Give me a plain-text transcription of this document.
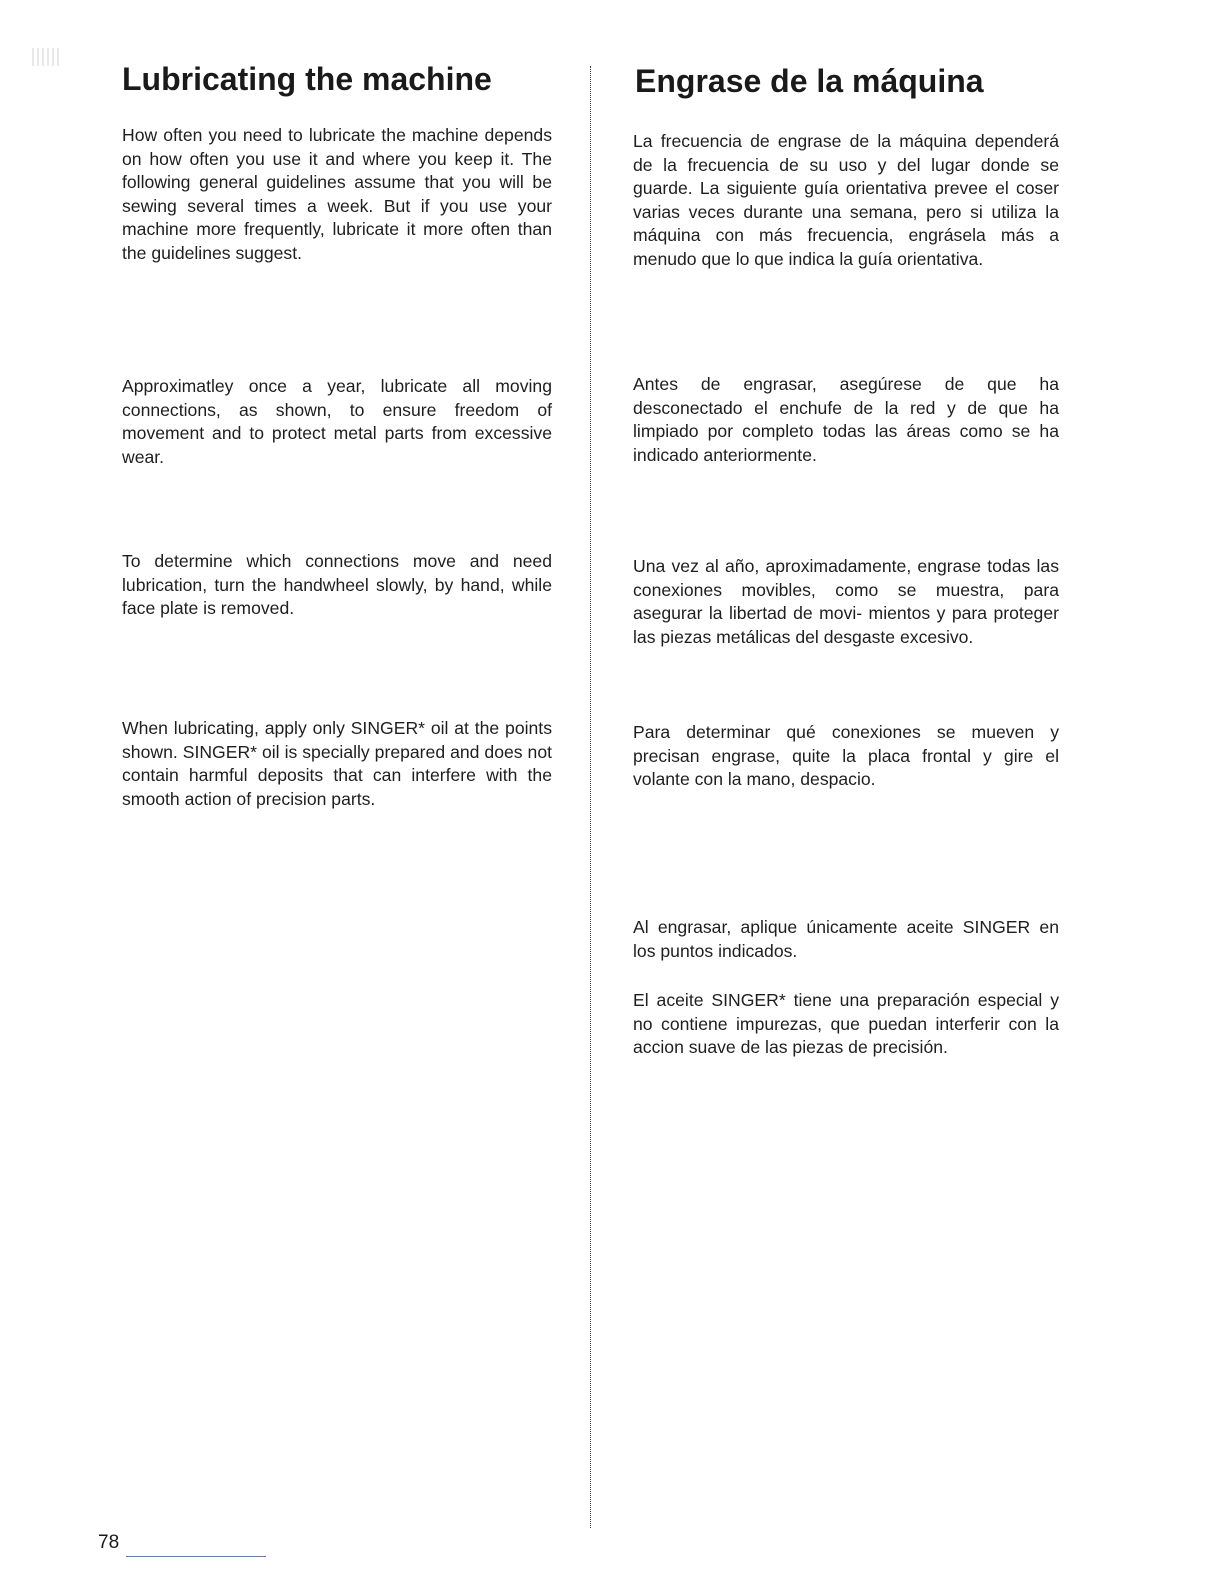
Lubricating the machine

How often you need to lubricate the machine depends on how often you use it and where you keep it. The following general guidelines assume that you will be sewing several times a week. But if you use your machine more frequently, lubricate it more often than the guidelines suggest.

Approximatley once a year, lubricate all moving connections, as shown, to ensure freedom of movement and to protect metal parts from excessive wear.

To determine which connections move and need lubrication, turn the handwheel slowly, by hand, while face plate is removed.

When lubricating, apply only SINGER* oil at the points shown. SINGER* oil is specially prepared and does not contain harmful deposits that can interfere with the smooth action of precision parts.

Engrase de la máquina

La frecuencia de engrase de la máquina dependerá de la frecuencia de su uso y del lugar donde se guarde. La siguiente guía orientativa prevee el coser varias veces durante una semana, pero si utiliza la máquina con más frecuencia, engrásela más a menudo que lo que indica la guía orientativa.

Antes de engrasar, asegúrese de que ha desconectado el enchufe de la red y de que ha limpiado por completo todas las áreas como se ha indicado anteriormente.

Una vez al año, aproximadamente, engrase todas las conexiones movibles, como se muestra, para asegurar la libertad de movi- mientos y para proteger las piezas metálicas del desgaste excesivo.

Para determinar qué conexiones se mueven y precisan engrase, quite la placa frontal y gire el volante con la mano, despacio.

Al engrasar, aplique únicamente aceite SINGER en los puntos indicados.

El aceite SINGER* tiene una preparación especial y no contiene impurezas, que puedan interferir con la accion suave de las piezas de precisión.

78
